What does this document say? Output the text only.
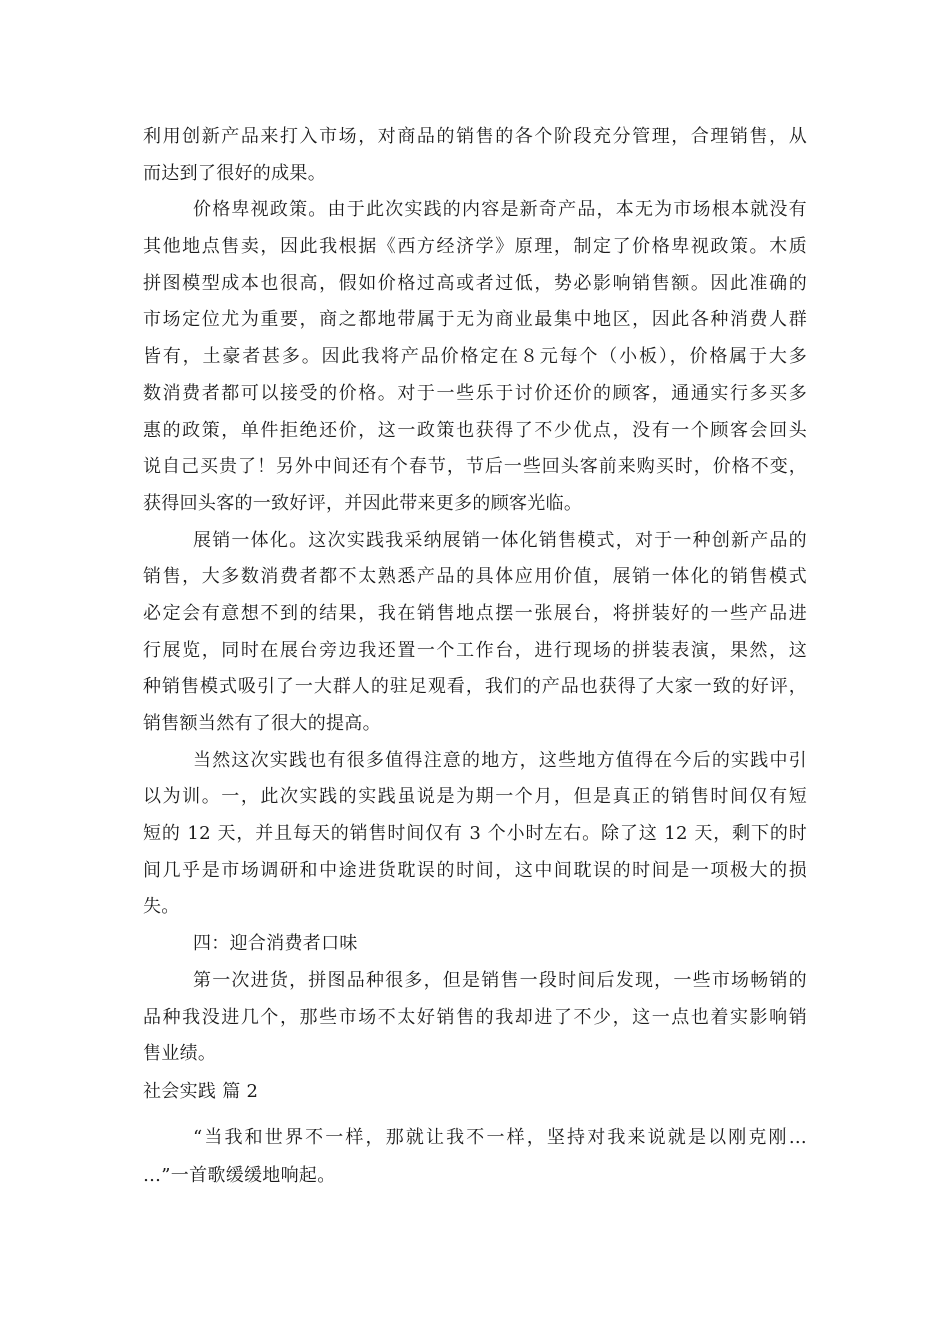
利用创新产品来打入市场，对商品的销售的各个阶段充分管理，合理销售，从
而达到了很好的成果。
价格卑视政策。由于此次实践的内容是新奇产品，本无为市场根本就没有
其他地点售卖，因此我根据《西方经济学》原理，制定了价格卑视政策。木质
拼图模型成本也很高，假如价格过高或者过低，势必影响销售额。因此准确的
市场定位尤为重要，商之都地带属于无为商业最集中地区，因此各种消费人群
皆有，土豪者甚多。因此我将产品价格定在８元每个（小板），价格属于大多
数消费者都可以接受的价格。对于一些乐于讨价还价的顾客，通通实行多买多
惠的政策，单件拒绝还价，这一政策也获得了不少优点，没有一个顾客会回头
说自己买贵了！另外中间还有个春节，节后一些回头客前来购买时，价格不变，
获得回头客的一致好评，并因此带来更多的顾客光临。
展销一体化。这次实践我采纳展销一体化销售模式，对于一种创新产品的
销售，大多数消费者都不太熟悉产品的具体应用价值，展销一体化的销售模式
必定会有意想不到的结果，我在销售地点摆一张展台，将拼装好的一些产品进
行展览，同时在展台旁边我还置一个工作台，进行现场的拼装表演，果然，这
种销售模式吸引了一大群人的驻足观看，我们的产品也获得了大家一致的好评，
销售额当然有了很大的提高。
当然这次实践也有很多值得注意的地方，这些地方值得在今后的实践中引
以为训。一，此次实践的实践虽说是为期一个月，但是真正的销售时间仅有短
短的 12 天，并且每天的销售时间仅有 3 个小时左右。除了这 12 天，剩下的时
间几乎是市场调研和中途进货耽误的时间，这中间耽误的时间是一项极大的损
失。
四：迎合消费者口味
第一次进货，拼图品种很多，但是销售一段时间后发现，一些市场畅销的
品种我没进几个，那些市场不太好销售的我却进了不少，这一点也着实影响销
售业绩。
社会实践 篇 2
“当我和世界不一样，那就让我不一样，坚持对我来说就是以刚克刚…
…”一首歌缓缓地响起。
